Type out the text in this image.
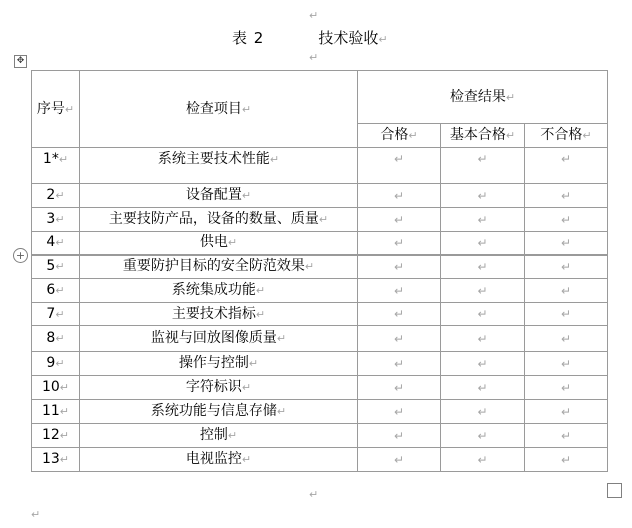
↵
表 2	技术验收↵
↵
✥
+
序号↵	检查项目↵	检查结果↵		
		合格↵	基本合格↵	不合格↵
1*↵	系统主要技术性能↵	↵	↵	↵
2↵	设备配置↵	↵	↵	↵
3↵	主要技防产品，设备的数量、质量↵	↵	↵	↵
4↵	供电↵	↵	↵	↵
5↵	重要防护目标的安全防范效果↵	↵	↵	↵
6↵	系统集成功能↵	↵	↵	↵
7↵	主要技术指标↵	↵	↵	↵
8↵	监视与回放图像质量↵	↵	↵	↵
9↵	操作与控制↵	↵	↵	↵
10↵	字符标识↵	↵	↵	↵
11↵	系统功能与信息存储↵	↵	↵	↵
12↵	控制↵	↵	↵	↵
13↵	电视监控↵	↵	↵	↵
↵
↵
